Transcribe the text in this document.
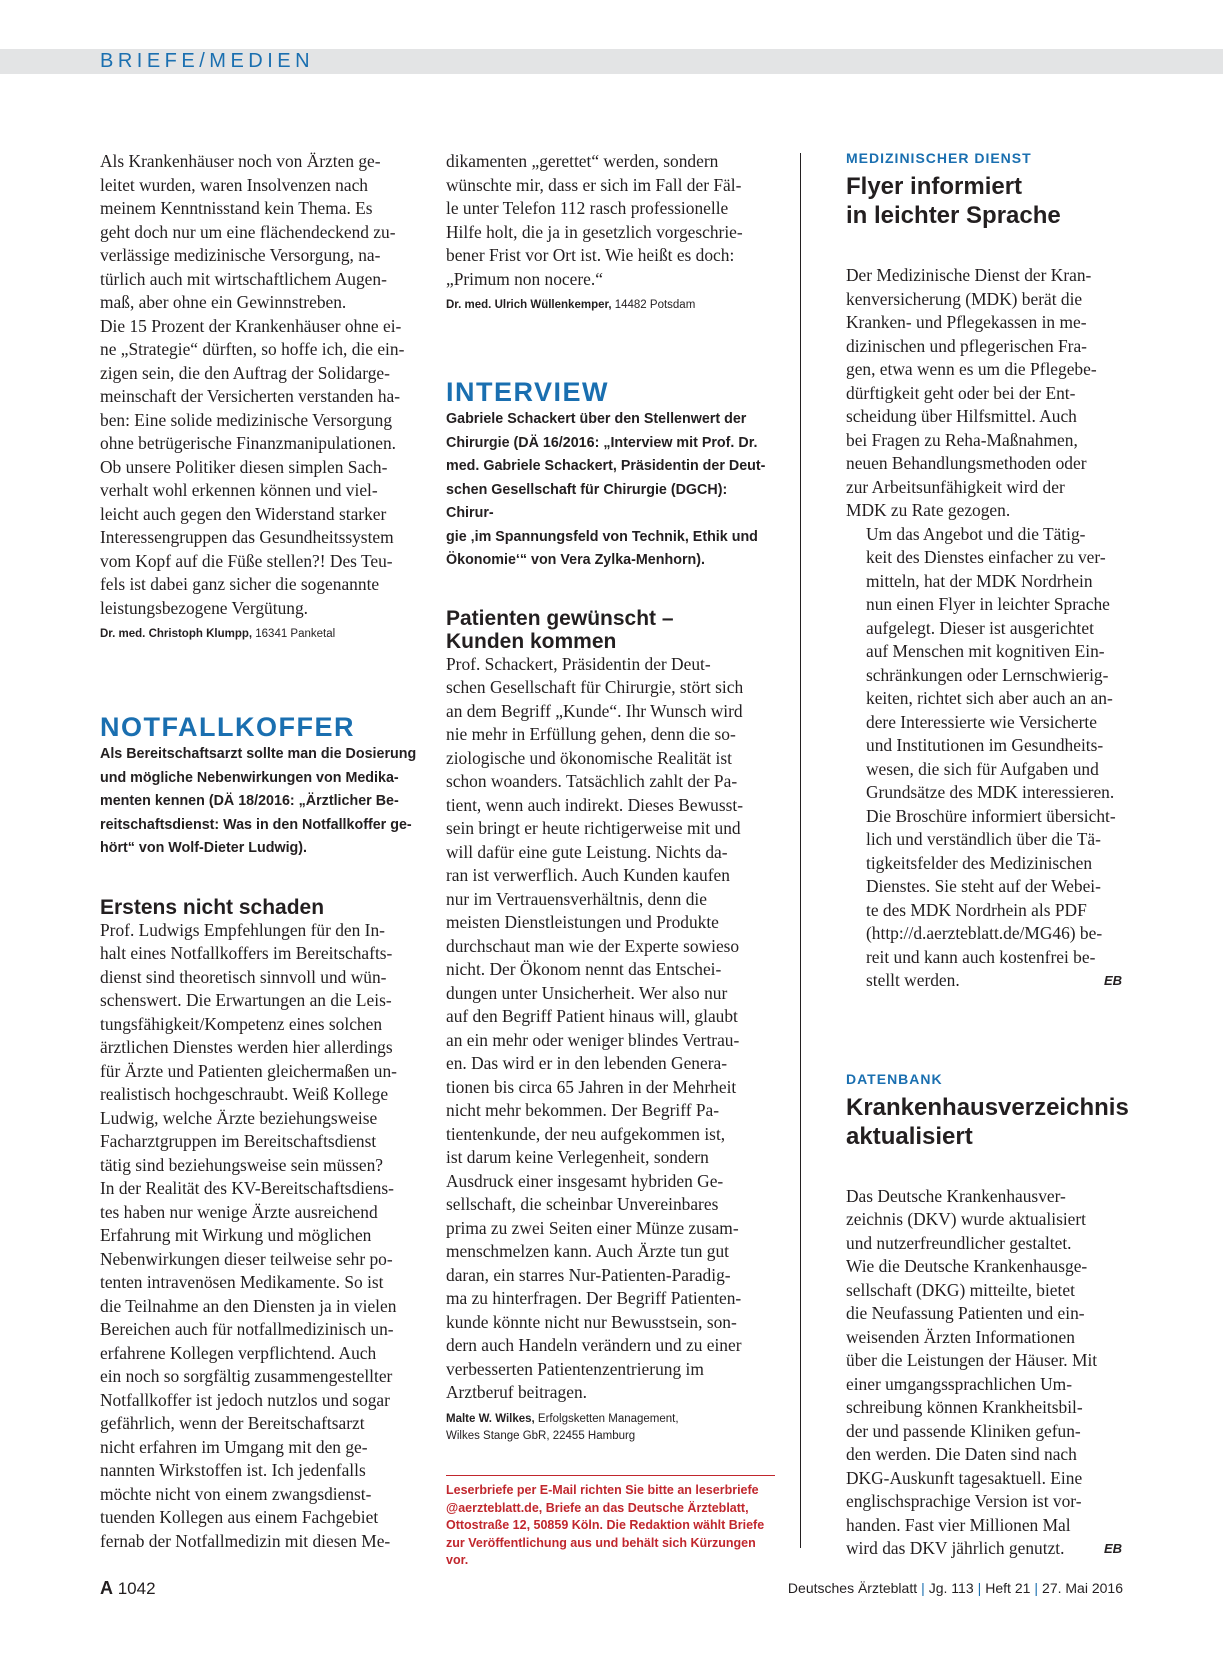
BRIEFE/MEDIEN
Als Krankenhäuser noch von Ärzten ge-
leitet wurden, waren Insolvenzen nach
meinem Kenntnisstand kein Thema. Es
geht doch nur um eine flächendeckend zu-
verlässige medizinische Versorgung, na-
türlich auch mit wirtschaftlichem Augen-
maß, aber ohne ein Gewinnstreben.
Die 15 Prozent der Krankenhäuser ohne ei-
ne „Strategie“ dürften, so hoffe ich, die ein-
zigen sein, die den Auftrag der Solidarge-
meinschaft der Versicherten verstanden ha-
ben: Eine solide medizinische Versorgung
ohne betrügerische Finanzmanipulationen.
Ob unsere Politiker diesen simplen Sach-
verhalt wohl erkennen können und viel-
leicht auch gegen den Widerstand starker
Interessengruppen das Gesundheitssystem
vom Kopf auf die Füße stellen?! Des Teu-
fels ist dabei ganz sicher die sogenannte
leistungsbezogene Vergütung.
Dr. med. Christoph Klumpp, 16341 Panketal
NOTFALLKOFFER
Als Bereitschaftsarzt sollte man die Dosierung
und mögliche Nebenwirkungen von Medika-
menten kennen (DÄ 18/2016: „Ärztlicher Be-
reitschaftsdienst: Was in den Notfallkoffer ge-
hört“ von Wolf-Dieter Ludwig).
Erstens nicht schaden
Prof. Ludwigs Empfehlungen für den In-
halt eines Notfallkoffers im Bereitschafts-
dienst sind theoretisch sinnvoll und wün-
schenswert. Die Erwartungen an die Leis-
tungsfähigkeit/Kompetenz eines solchen
ärztlichen Dienstes werden hier allerdings
für Ärzte und Patienten gleichermaßen un-
realistisch hochgeschraubt. Weiß Kollege
Ludwig, welche Ärzte beziehungsweise
Facharztgruppen im Bereitschaftsdienst
tätig sind beziehungsweise sein müssen?
In der Realität des KV-Bereitschaftsdiens-
tes haben nur wenige Ärzte ausreichend
Erfahrung mit Wirkung und möglichen
Nebenwirkungen dieser teilweise sehr po-
tenten intravenösen Medikamente. So ist
die Teilnahme an den Diensten ja in vielen
Bereichen auch für notfallmedizinisch un-
erfahrene Kollegen verpflichtend. Auch
ein noch so sorgfältig zusammengestellter
Notfallkoffer ist jedoch nutzlos und sogar
gefährlich, wenn der Bereitschaftsarzt
nicht erfahren im Umgang mit den ge-
nannten Wirkstoffen ist. Ich jedenfalls
möchte nicht von einem zwangsdienst-
tuenden Kollegen aus einem Fachgebiet
fernab der Notfallmedizin mit diesen Me-
dikamenten „gerettet“ werden, sondern
wünschte mir, dass er sich im Fall der Fäl-
le unter Telefon 112 rasch professionelle
Hilfe holt, die ja in gesetzlich vorgeschrie-
bener Frist vor Ort ist. Wie heißt es doch:
„Primum non nocere.“
Dr. med. Ulrich Wüllenkemper, 14482 Potsdam
INTERVIEW
Gabriele Schackert über den Stellenwert der
Chirurgie (DÄ 16/2016: „Interview mit Prof. Dr.
med. Gabriele Schackert, Präsidentin der Deut-
schen Gesellschaft für Chirurgie (DGCH): Chirur-
gie ‚im Spannungsfeld von Technik, Ethik und
Ökonomie‘“ von Vera Zylka-Menhorn).
Patienten gewünscht –
Kunden kommen
Prof. Schackert, Präsidentin der Deut-
schen Gesellschaft für Chirurgie, stört sich
an dem Begriff „Kunde“. Ihr Wunsch wird
nie mehr in Erfüllung gehen, denn die so-
ziologische und ökonomische Realität ist
schon woanders. Tatsächlich zahlt der Pa-
tient, wenn auch indirekt. Dieses Bewusst-
sein bringt er heute richtigerweise mit und
will dafür eine gute Leistung. Nichts da-
ran ist verwerflich. Auch Kunden kaufen
nur im Vertrauensverhältnis, denn die
meisten Dienstleistungen und Produkte
durchschaut man wie der Experte sowieso
nicht. Der Ökonom nennt das Entschei-
dungen unter Unsicherheit. Wer also nur
auf den Begriff Patient hinaus will, glaubt
an ein mehr oder weniger blindes Vertrau-
en. Das wird er in den lebenden Genera-
tionen bis circa 65 Jahren in der Mehrheit
nicht mehr bekommen. Der Begriff Pa-
tientenkunde, der neu aufgekommen ist,
ist darum keine Verlegenheit, sondern
Ausdruck einer insgesamt hybriden Ge-
sellschaft, die scheinbar Unvereinbares
prima zu zwei Seiten einer Münze zusam-
menschmelzen kann. Auch Ärzte tun gut
daran, ein starres Nur-Patienten-Paradig-
ma zu hinterfragen. Der Begriff Patienten-
kunde könnte nicht nur Bewusstsein, son-
dern auch Handeln verändern und zu einer
verbesserten Patientenzentrierung im
Arztberuf beitragen.
Malte W. Wilkes, Erfolgsketten Management,
Wilkes Stange GbR, 22455 Hamburg
Leserbriefe per E-Mail richten Sie bitte an leserbriefe
@aerzteblatt.de, Briefe an das Deutsche Ärzteblatt,
Ottostraße 12, 50859 Köln. Die Redaktion wählt Briefe
zur Veröffentlichung aus und behält sich Kürzungen vor.
MEDIZINISCHER DIENST
Flyer informiert
in leichter Sprache
Der Medizinische Dienst der Kran-
kenversicherung (MDK) berät die
Kranken- und Pflegekassen in me-
dizinischen und pflegerischen Fra-
gen, etwa wenn es um die Pflegebe-
dürftigkeit geht oder bei der Ent-
scheidung über Hilfsmittel. Auch
bei Fragen zu Reha-Maßnahmen,
neuen Behandlungsmethoden oder
zur Arbeitsunfähigkeit wird der
MDK zu Rate gezogen.
Um das Angebot und die Tätig-
keit des Dienstes einfacher zu ver-
mitteln, hat der MDK Nordrhein
nun einen Flyer in leichter Sprache
aufgelegt. Dieser ist ausgerichtet
auf Menschen mit kognitiven Ein-
schränkungen oder Lernschwierig-
keiten, richtet sich aber auch an an-
dere Interessierte wie Versicherte
und Institutionen im Gesundheits-
wesen, die sich für Aufgaben und
Grundsätze des MDK interessieren.
Die Broschüre informiert übersicht-
lich und verständlich über die Tä-
tigkeitsfelder des Medizinischen
Dienstes. Sie steht auf der Webei-
te des MDK Nordrhein als PDF
(http://d.aerzteblatt.de/MG46) be-
reit und kann auch kostenfrei be-
stellt werden.	EB
DATENBANK
Krankenhausverzeichnis
aktualisiert
Das Deutsche Krankenhausver-
zeichnis (DKV) wurde aktualisiert
und nutzerfreundlicher gestaltet.
Wie die Deutsche Krankenhausge-
sellschaft (DKG) mitteilte, bietet
die Neufassung Patienten und ein-
weisenden Ärzten Informationen
über die Leistungen der Häuser. Mit
einer umgangssprachlichen Um-
schreibung können Krankheitsbil-
der und passende Kliniken gefun-
den werden. Die Daten sind nach
DKG-Auskunft tagesaktuell. Eine
englischsprachige Version ist vor-
handen. Fast vier Millionen Mal
wird das DKV jährlich genutzt.	EB
A 1042	Deutsches Ärzteblatt | Jg. 113 | Heft 21 | 27. Mai 2016
